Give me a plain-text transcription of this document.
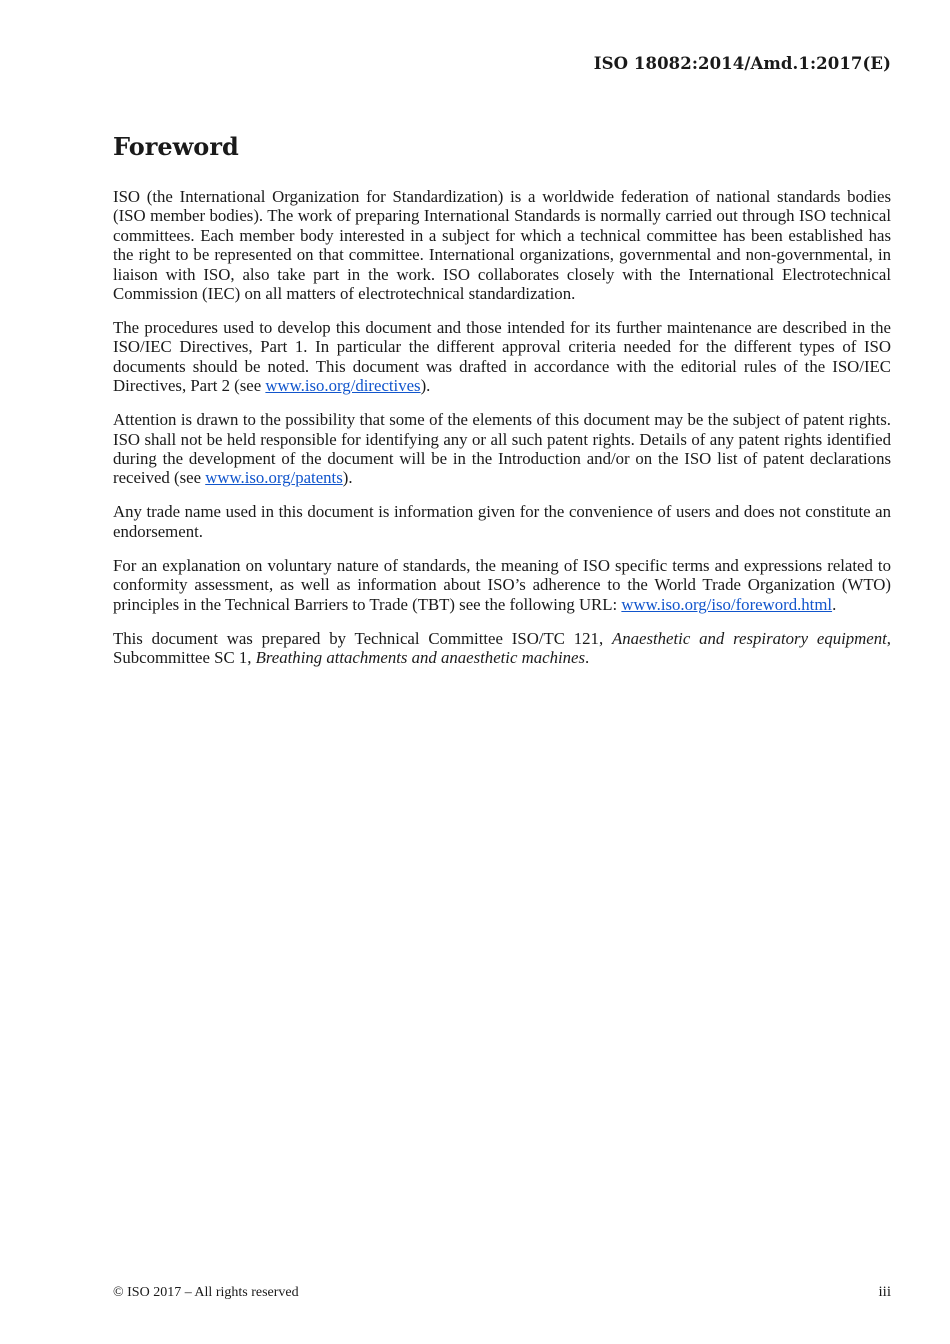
ISO 18082:2014/Amd.1:2017(E)
Foreword

ISO (the International Organization for Standardization) is a worldwide federation of national standards bodies (ISO member bodies). The work of preparing International Standards is normally carried out through ISO technical committees. Each member body interested in a subject for which a technical committee has been established has the right to be represented on that committee. International organizations, governmental and non-governmental, in liaison with ISO, also take part in the work. ISO collaborates closely with the International Electrotechnical Commission (IEC) on all matters of electrotechnical standardization.

The procedures used to develop this document and those intended for its further maintenance are described in the ISO/IEC Directives, Part 1. In particular the different approval criteria needed for the different types of ISO documents should be noted. This document was drafted in accordance with the editorial rules of the ISO/IEC Directives, Part 2 (see www.iso.org/directives).

Attention is drawn to the possibility that some of the elements of this document may be the subject of patent rights. ISO shall not be held responsible for identifying any or all such patent rights. Details of any patent rights identified during the development of the document will be in the Introduction and/or on the ISO list of patent declarations received (see www.iso.org/patents).

Any trade name used in this document is information given for the convenience of users and does not constitute an endorsement.

For an explanation on voluntary nature of standards, the meaning of ISO specific terms and expressions related to conformity assessment, as well as information about ISO’s adherence to the World Trade Organization (WTO) principles in the Technical Barriers to Trade (TBT) see the following URL: www.iso.org/iso/foreword.html.

This document was prepared by Technical Committee ISO/TC 121, Anaesthetic and respiratory equipment, Subcommittee SC 1, Breathing attachments and anaesthetic machines.

© ISO 2017 – All rights reserved	iii
